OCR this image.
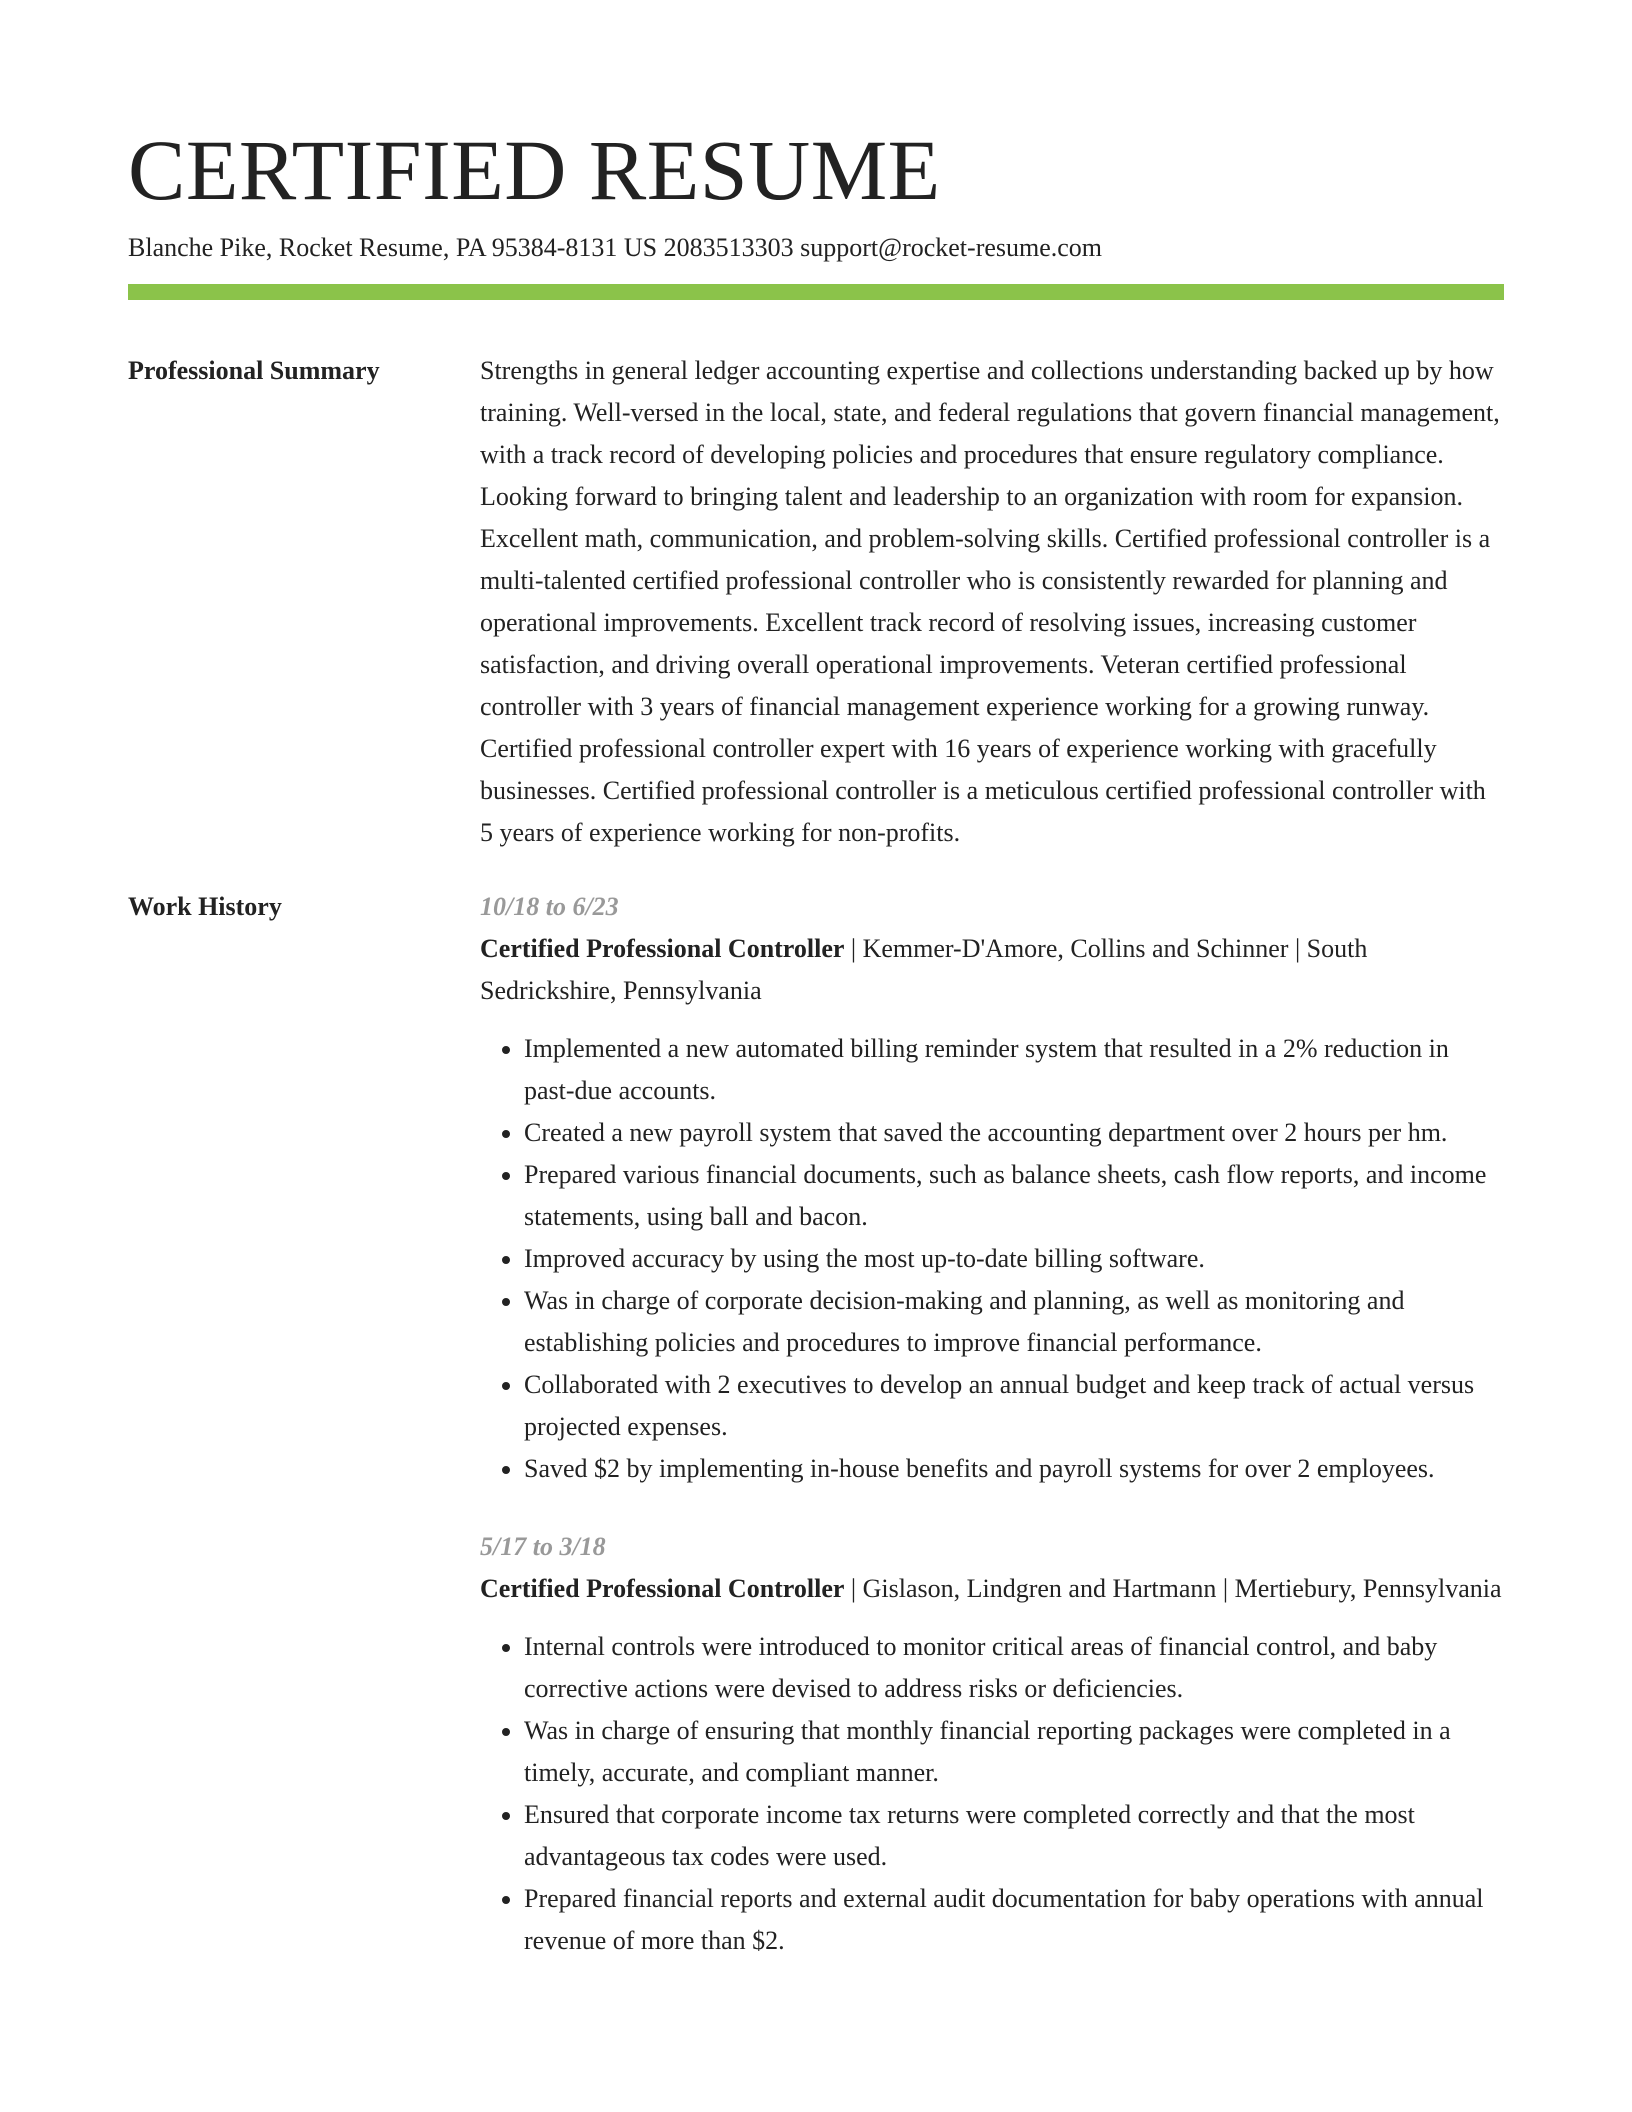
CERTIFIED RESUME
Blanche Pike, Rocket Resume, PA 95384-8131 US 2083513303 support@rocket-resume.com
Professional Summary	Strengths in general ledger accounting expertise and collections understanding backed up by how training. Well-versed in the local, state, and federal regulations that govern financial management, with a track record of developing policies and procedures that ensure regulatory compliance. Looking forward to bringing talent and leadership to an organization with room for expansion. Excellent math, communication, and problem-solving skills. Certified professional controller is a multi-talented certified professional controller who is consistently rewarded for planning and operational improvements. Excellent track record of resolving issues, increasing customer satisfaction, and driving overall operational improvements. Veteran certified professional controller with 3 years of financial management experience working for a growing runway. Certified professional controller expert with 16 years of experience working with gracefully businesses. Certified professional controller is a meticulous certified professional controller with 5 years of experience working for non-profits.

Work History	10/18 to 6/23
Certified Professional Controller | Kemmer-D'Amore, Collins and Schinner | South Sedrickshire, Pennsylvania
• Implemented a new automated billing reminder system that resulted in a 2% reduction in past-due accounts.
• Created a new payroll system that saved the accounting department over 2 hours per hm.
• Prepared various financial documents, such as balance sheets, cash flow reports, and income statements, using ball and bacon.
• Improved accuracy by using the most up-to-date billing software.
• Was in charge of corporate decision-making and planning, as well as monitoring and establishing policies and procedures to improve financial performance.
• Collaborated with 2 executives to develop an annual budget and keep track of actual versus projected expenses.
• Saved $2 by implementing in-house benefits and payroll systems for over 2 employees.
5/17 to 3/18
Certified Professional Controller | Gislason, Lindgren and Hartmann | Mertiebury, Pennsylvania
• Internal controls were introduced to monitor critical areas of financial control, and baby corrective actions were devised to address risks or deficiencies.
• Was in charge of ensuring that monthly financial reporting packages were completed in a timely, accurate, and compliant manner.
• Ensured that corporate income tax returns were completed correctly and that the most advantageous tax codes were used.
• Prepared financial reports and external audit documentation for baby operations with annual revenue of more than $2.
